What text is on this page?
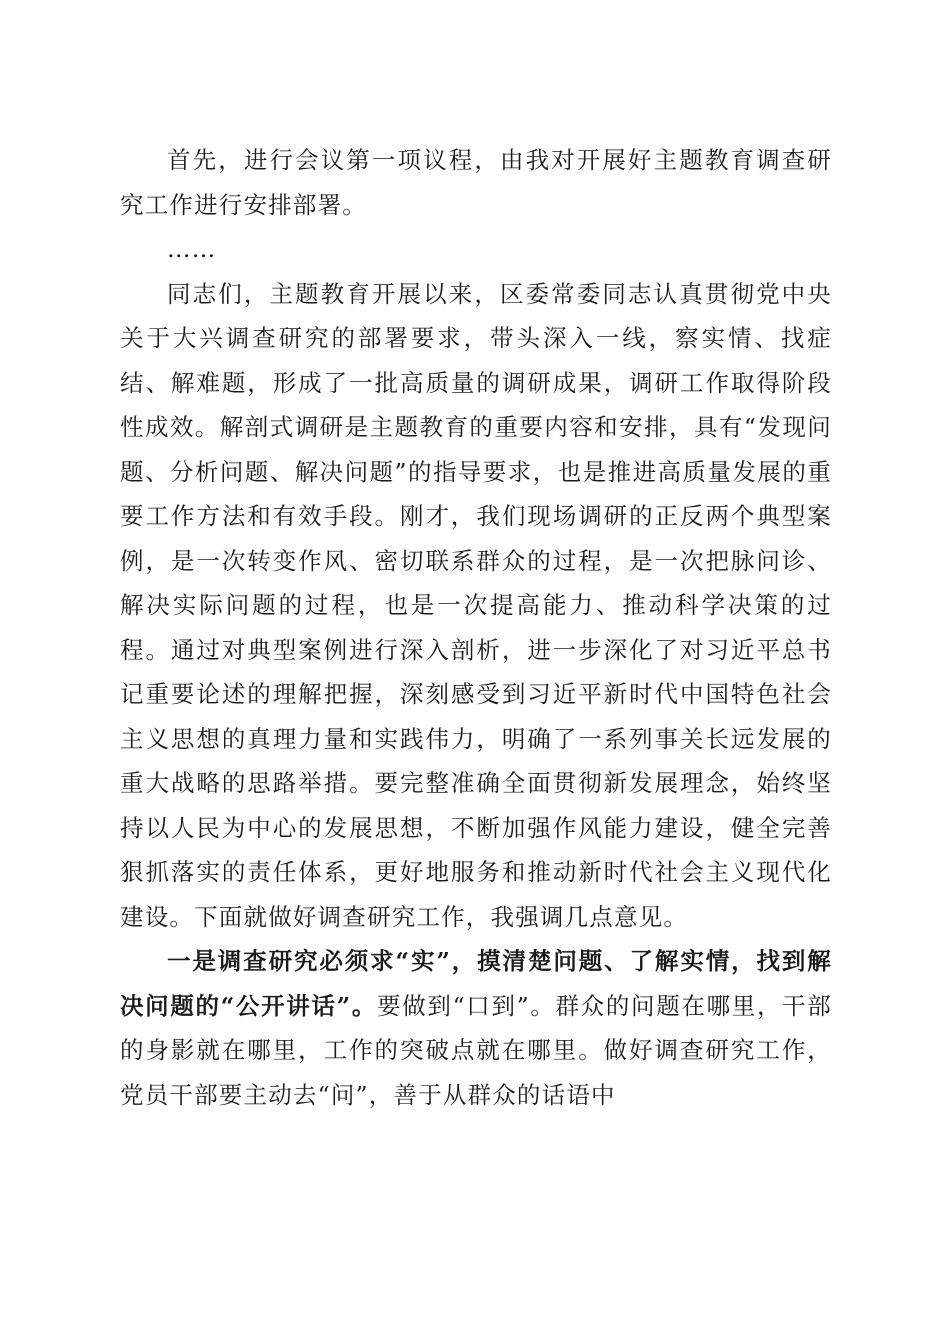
首先，进行会议第一项议程，由我对开展好主题教育调查研究工作进行安排部署。

……

同志们，主题教育开展以来，区委常委同志认真贯彻党中央关于大兴调查研究的部署要求，带头深入一线，察实情、找症结、解难题，形成了一批高质量的调研成果，调研工作取得阶段性成效。解剖式调研是主题教育的重要内容和安排，具有“发现问题、分析问题、解决问题”的指导要求，也是推进高质量发展的重要工作方法和有效手段。刚才，我们现场调研的正反两个典型案例，是一次转变作风、密切联系群众的过程，是一次把脉问诊、解决实际问题的过程，也是一次提高能力、推动科学决策的过程。通过对典型案例进行深入剖析，进一步深化了对习近平总书记重要论述的理解把握，深刻感受到习近平新时代中国特色社会主义思想的真理力量和实践伟力，明确了一系列事关长远发展的重大战略的思路举措。要完整准确全面贯彻新发展理念，始终坚持以人民为中心的发展思想，不断加强作风能力建设，健全完善狠抓落实的责任体系，更好地服务和推动新时代社会主义现代化建设。下面就做好调查研究工作，我强调几点意见。

一是调查研究必须求“实”，摸清楚问题、了解实情，找到解决问题的“公开讲话”。要做到“口到”。群众的问题在哪里，干部的身影就在哪里，工作的突破点就在哪里。做好调查研究工作，党员干部要主动去“问”，善于从群众的话语中
